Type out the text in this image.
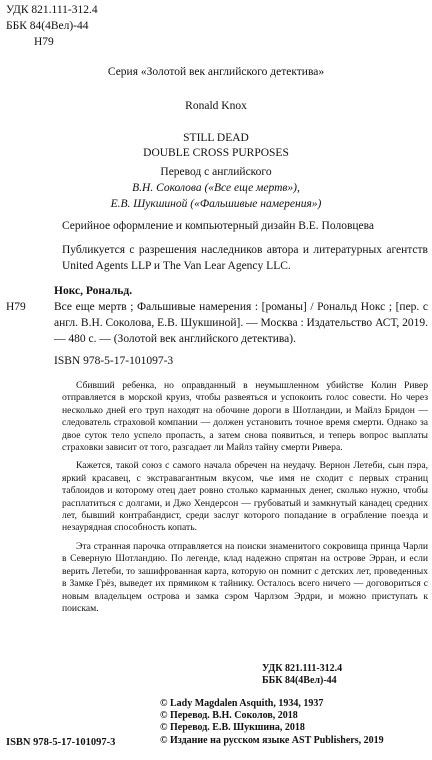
УДК 821.111-312.4
ББК 84(4Вел)-44
Н79
Серия «Золотой век английского детектива»
Ronald Knox
STILL DEAD
DOUBLE CROSS PURPOSES
Перевод с английского
В.Н. Соколова («Все еще мертв»),
Е.В. Шукшиной («Фальшивые намерения»)
Серийное оформление и компьютерный дизайн В.Е. Половцева
Публикуется с разрешения наследников автора и литературных агентств United Agents LLP и The Van Lear Agency LLC.
Н79
Нокс, Рональд.
Все еще мертв ; Фальшивые намерения : [романы] / Рональд Нокс ; [пер. с англ. В.Н. Соколова, Е.В. Шукшиной]. — Москва : Издательство АСТ, 2019. — 480 с. — (Золотой век английского детектива).
ISBN 978-5-17-101097-3

Сбивший ребенка, но оправданный в неумышленном убийстве Колин Ривер отправляется в морской круиз, чтобы развеяться и успокоить голос совести. Но через несколько дней его труп находят на обочине дороги в Шотландии, и Майлз Бридон — следователь страховой компании — должен установить точное время смерти. Однако за двое суток тело успело пропасть, а затем снова появиться, и теперь вопрос выплаты страховки зависит от того, разгадает ли Майлз тайну смерти Ривера.

Кажется, такой союз с самого начала обречен на неудачу. Вернон Летеби, сын пэра, яркий красавец, с экстравагантным вкусом, чье имя не сходит с первых страниц таблоидов и которому отец дает ровно столько карманных денег, сколько нужно, чтобы расплатиться с долгами, и Джо Хендерсон — грубоватый и замкнутый канадец средних лет, бывший контрабандист, среди заслуг которого попадание в ограбление поезда и незаурядная способность копать.

Эта странная парочка отправляется на поиски знаменитого сокровища принца Чарли в Северную Шотландию. По легенде, клад надежно спрятан на острове Эрран, и если верить Летеби, то зашифрованная карта, которую он помнит с детских лет, проведенных в Замке Грёз, выведет их прямиком к тайнику. Осталось всего ничего — договориться с новым владельцем острова и замка сэром Чарлзом Эрдри, и можно приступать к поискам.

УДК 821.111-312.4
ББК 84(4Вел)-44
© Lady Magdalen Asquith, 1934, 1937
© Перевод. В.Н. Соколов, 2018
© Перевод. Е.В. Шукшина, 2018
© Издание на русском языке AST Publishers, 2019
ISBN 978-5-17-101097-3
